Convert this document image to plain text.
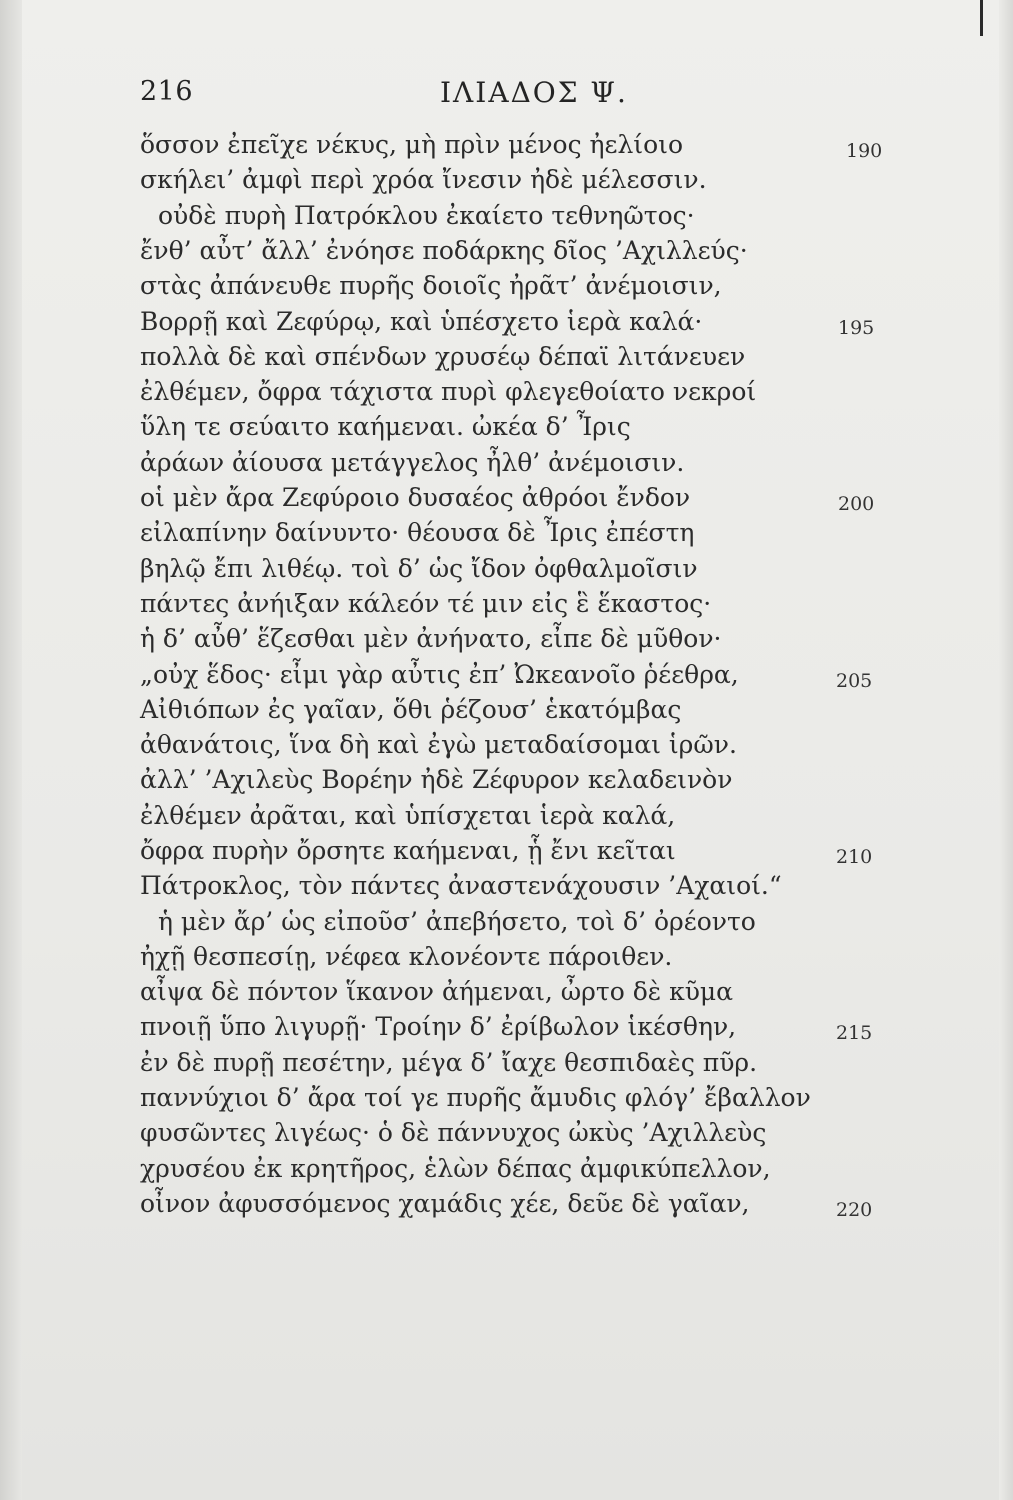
216	ΙΛΙΑΔΟΣ Ψ.
ὅσσον ἐπεῖχε νέκυς, μὴ πρὶν μένος ἠελίοιο	190
σκήλει’ ἀμφὶ περὶ χρόα ἴνεσιν ἠδὲ μέλεσσιν.
οὐδὲ πυρὴ Πατρόκλου ἐκαίετο τεθνηῶτος·
ἔνθ’ αὖτ’ ἄλλ’ ἐνόησε ποδάρκης δῖος ’Αχιλλεύς·
στὰς ἀπάνευθε πυρῆς δοιοῖς ἠρᾶτ’ ἀνέμοισιν,
Βορρῇ καὶ Ζεφύρῳ, καὶ ὑπέσχετο ἱερὰ καλά·	195
πολλὰ δὲ καὶ σπένδων χρυσέῳ δέπαϊ λιτάνευεν
ἐλθέμεν, ὄφρα τάχιστα πυρὶ φλεγεθοίατο νεκροί
ὕλη τε σεύαιτο καήμεναι. ὠκέα δ’ Ἶρις
ἀράων ἀίουσα μετάγγελος ἦλθ’ ἀνέμοισιν.
οἱ μὲν ἄρα Ζεφύροιο δυσαέος ἀθρόοι ἔνδον	200
εἰλαπίνην δαίνυντο· θέουσα δὲ Ἶρις ἐπέστη
βηλῷ ἔπι λιθέῳ. τοὶ δ’ ὡς ἴδον ὀφθαλμοῖσιν
πάντες ἀνήιξαν κάλεόν τέ μιν εἰς ἓ ἕκαστος·
ἡ δ’ αὖθ’ ἕζεσθαι μὲν ἀνήνατο, εἶπε δὲ μῦθον·
„οὐχ ἕδος· εἶμι γὰρ αὖτις ἐπ’ Ὠκεανοῖο ῥέεθρα,	205
Αἰθιόπων ἐς γαῖαν, ὅθι ῥέζουσ’ ἑκατόμβας
ἀθανάτοις, ἵνα δὴ καὶ ἐγὼ μεταδαίσομαι ἱρῶν.
ἀλλ’ ’Αχιλεὺς Βορέην ἠδὲ Ζέφυρον κελαδεινὸν
ἐλθέμεν ἀρᾶται, καὶ ὑπίσχεται ἱερὰ καλά,
ὄφρα πυρὴν ὄρσητε καήμεναι, ᾗ ἔνι κεῖται	210
Πάτροκλος, τὸν πάντες ἀναστενάχουσιν ’Αχαιοί.“
ἡ μὲν ἄρ’ ὡς εἰποῦσ’ ἀπεβήσετο, τοὶ δ’ ὀρέοντο
ἠχῇ θεσπεσίῃ, νέφεα κλονέοντε πάροιθεν.
αἶψα δὲ πόντον ἵκανον ἀήμεναι, ὦρτο δὲ κῦμα
πνοιῇ ὕπο λιγυρῇ· Τροίην δ’ ἐρίβωλον ἱκέσθην,	215
ἐν δὲ πυρῇ πεσέτην, μέγα δ’ ἴαχε θεσπιδαὲς πῦρ.
παννύχιοι δ’ ἄρα τοί γε πυρῆς ἄμυδις φλόγ’ ἔβαλλον
φυσῶντες λιγέως· ὁ δὲ πάννυχος ὠκὺς ’Αχιλλεὺς
χρυσέου ἐκ κρητῆρος, ἑλὼν δέπας ἀμφικύπελλον,
οἶνον ἀφυσσόμενος χαμάδις χέε, δεῦε δὲ γαῖαν,	220
